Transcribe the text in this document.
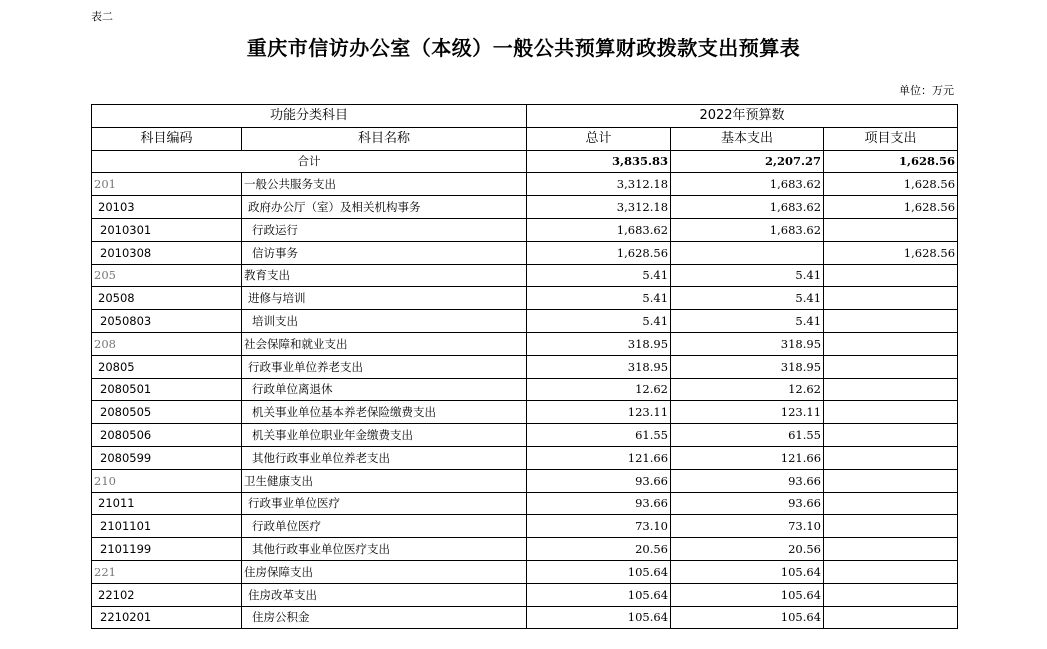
表二
重庆市信访办公室（本级）一般公共预算财政拨款支出预算表
单位：万元
功能分类科目		2022年预算数		
科目编码	科目名称	总计	基本支出	项目支出
合计		3,835.83	2,207.27	1,628.56
201	一般公共服务支出	3,312.18	1,683.62	1,628.56
20103	政府办公厅（室）及相关机构事务	3,312.18	1,683.62	1,628.56
2010301	行政运行	1,683.62	1,683.62	
2010308	信访事务	1,628.56		1,628.56
205	教育支出	5.41	5.41	
20508	进修与培训	5.41	5.41	
2050803	培训支出	5.41	5.41	
208	社会保障和就业支出	318.95	318.95	
20805	行政事业单位养老支出	318.95	318.95	
2080501	行政单位离退休	12.62	12.62	
2080505	机关事业单位基本养老保险缴费支出	123.11	123.11	
2080506	机关事业单位职业年金缴费支出	61.55	61.55	
2080599	其他行政事业单位养老支出	121.66	121.66	
210	卫生健康支出	93.66	93.66	
21011	行政事业单位医疗	93.66	93.66	
2101101	行政单位医疗	73.10	73.10	
2101199	其他行政事业单位医疗支出	20.56	20.56	
221	住房保障支出	105.64	105.64	
22102	住房改革支出	105.64	105.64	
2210201	住房公积金	105.64	105.64	
